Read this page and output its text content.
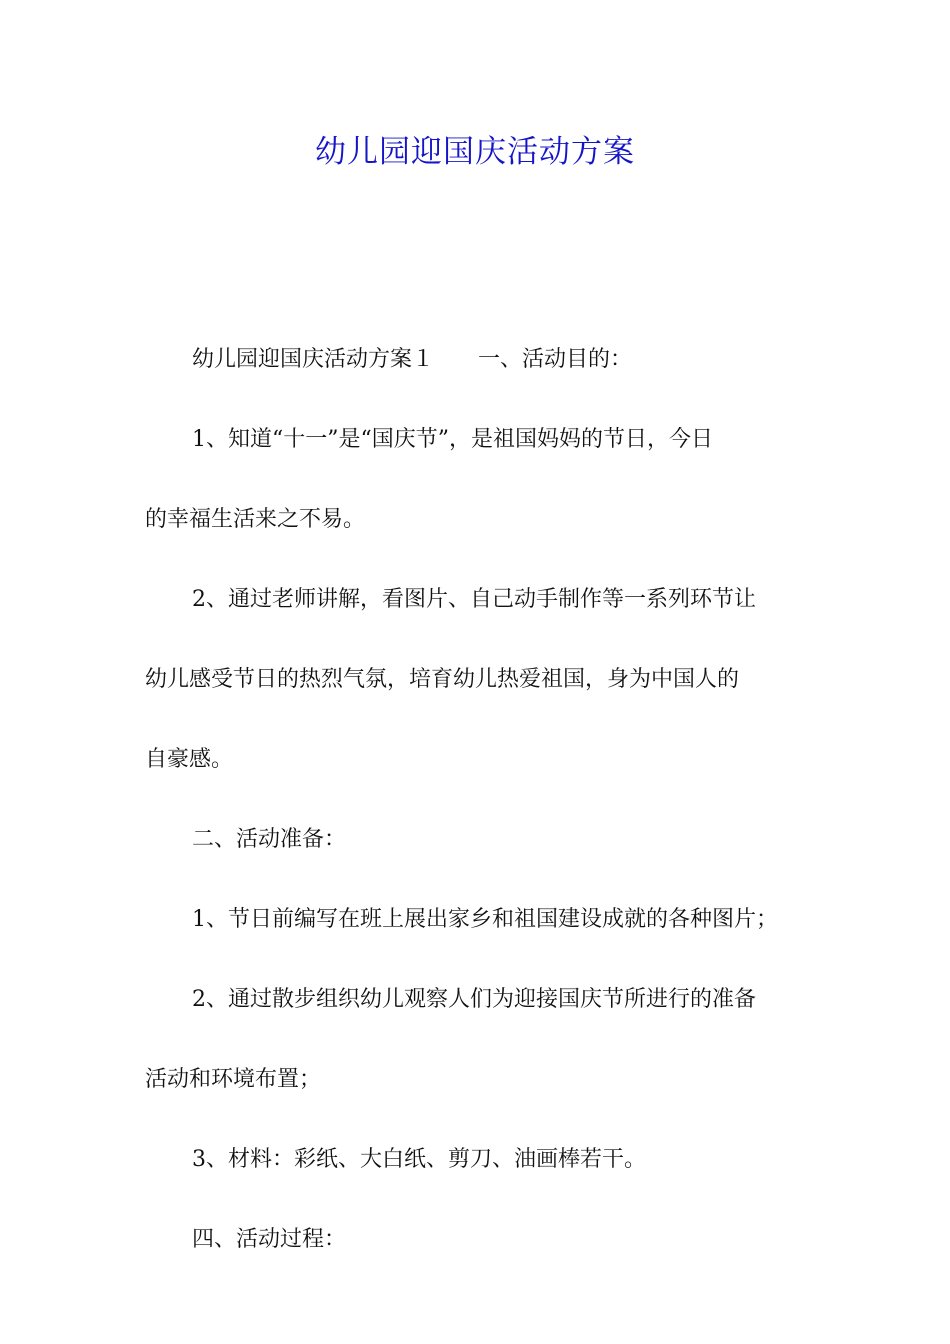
幼儿园迎国庆活动方案
幼儿园迎国庆活动方案１　　一、活动目的：
1、知道“十一”是“国庆节”，是祖国妈妈的节日，今日
的幸福生活来之不易。
2、通过老师讲解，看图片、自己动手制作等一系列环节让
幼儿感受节日的热烈气氛，培育幼儿热爱祖国，身为中国人的
自豪感。
二、活动准备：
1、节日前编写在班上展出家乡和祖国建设成就的各种图片；
2、通过散步组织幼儿观察人们为迎接国庆节所进行的准备
活动和环境布置；
3、材料：彩纸、大白纸、剪刀、油画棒若干。
四、活动过程：
